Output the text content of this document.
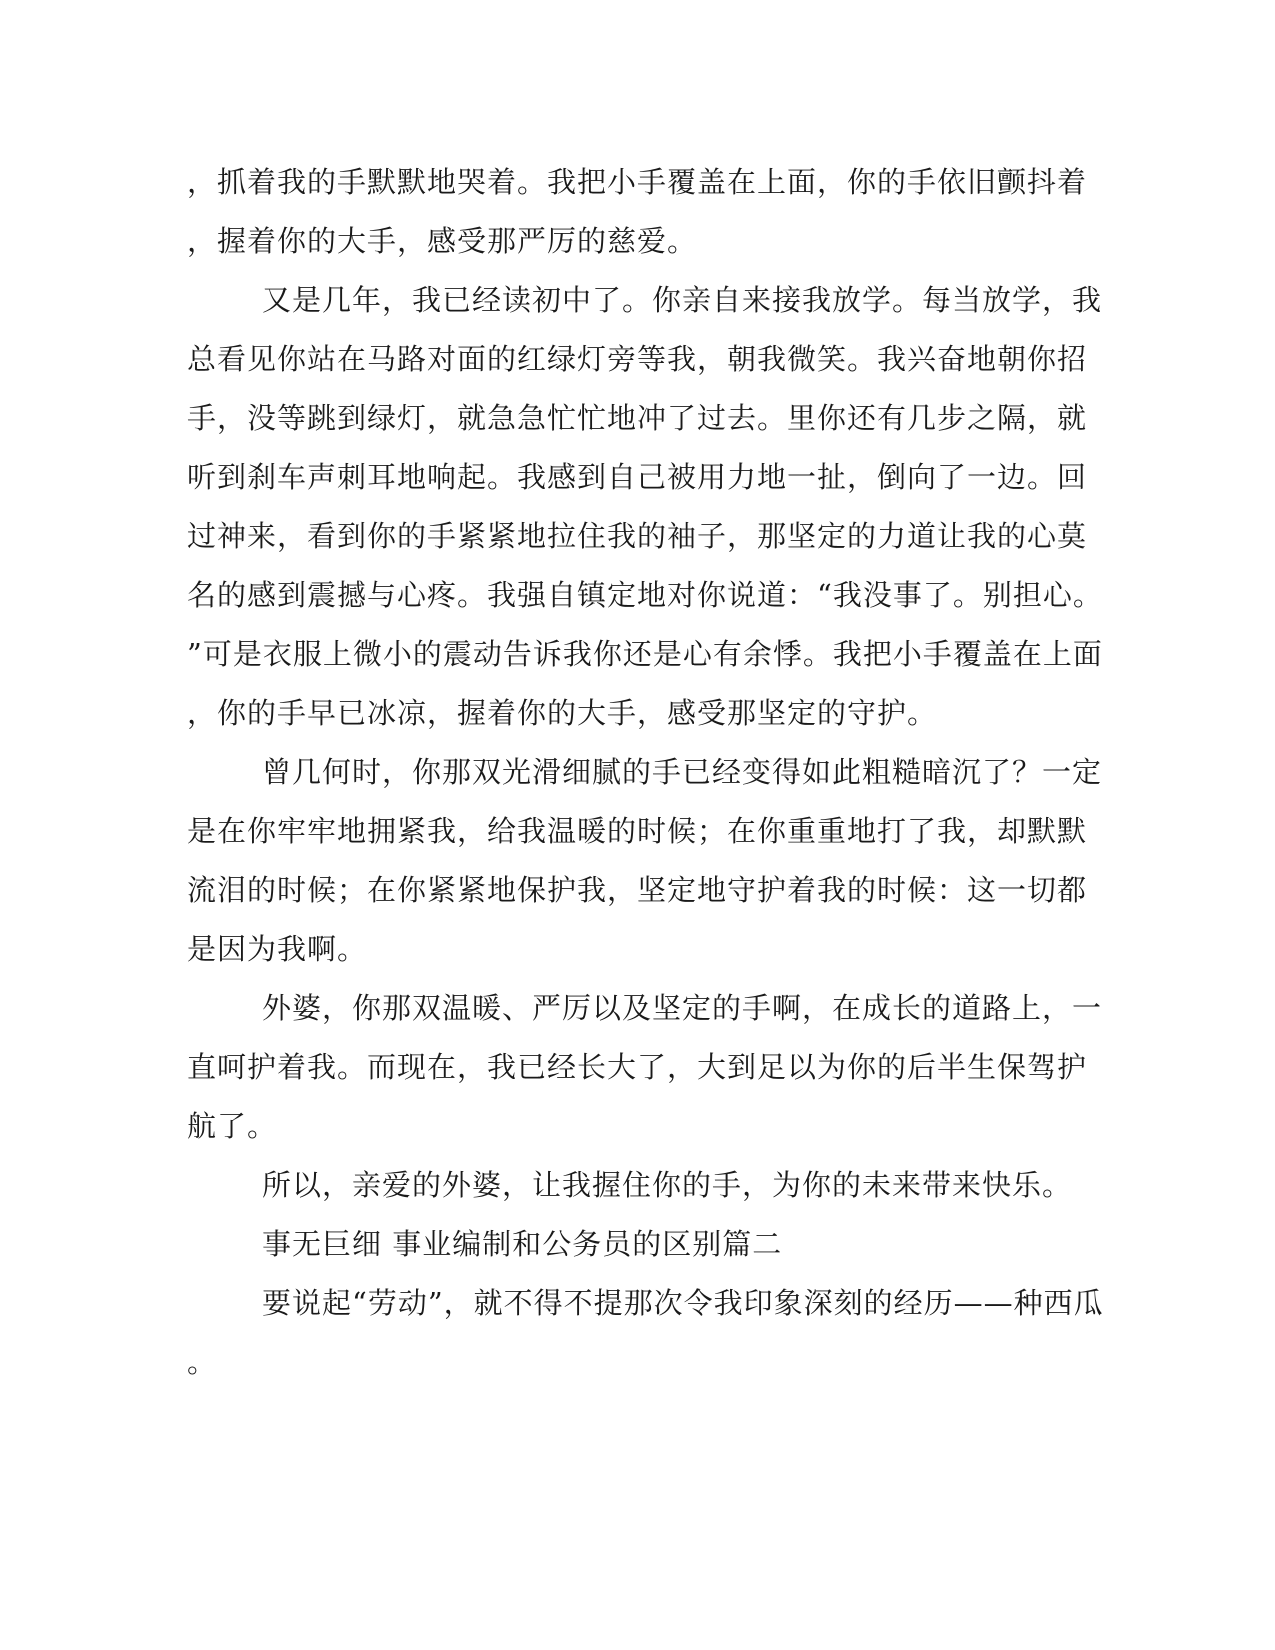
，抓着我的手默默地哭着。我把小手覆盖在上面，你的手依旧颤抖着

，握着你的大手，感受那严厉的慈爱。

又是几年，我已经读初中了。你亲自来接我放学。每当放学，我

总看见你站在马路对面的红绿灯旁等我，朝我微笑。我兴奋地朝你招

手，没等跳到绿灯，就急急忙忙地冲了过去。里你还有几步之隔，就

听到刹车声刺耳地响起。我感到自己被用力地一扯，倒向了一边。回

过神来，看到你的手紧紧地拉住我的袖子，那坚定的力道让我的心莫

名的感到震撼与心疼。我强自镇定地对你说道：“我没事了。别担心。

”可是衣服上微小的震动告诉我你还是心有余悸。我把小手覆盖在上面

，你的手早已冰凉，握着你的大手，感受那坚定的守护。

曾几何时，你那双光滑细腻的手已经变得如此粗糙暗沉了？一定

是在你牢牢地拥紧我，给我温暖的时候；在你重重地打了我，却默默

流泪的时候；在你紧紧地保护我，坚定地守护着我的时候：这一切都

是因为我啊。

外婆，你那双温暖、严厉以及坚定的手啊，在成长的道路上，一

直呵护着我。而现在，我已经长大了，大到足以为你的后半生保驾护

航了。

所以，亲爱的外婆，让我握住你的手，为你的未来带来快乐。

事无巨细 事业编制和公务员的区别篇二

要说起“劳动”，就不得不提那次令我印象深刻的经历——种西瓜

。
